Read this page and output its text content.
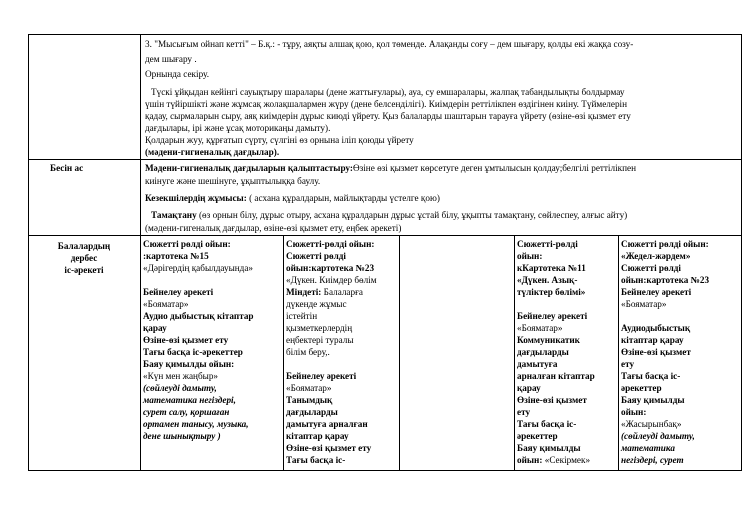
3. "Мысығым ойнап кетті" – Б.қ.: - тұру, аяқты алшақ қою, қол төменде. Алақанды соғу – дем шығару, қолды екі жаққа созу-
дем шығару .
Орнында секіру.
Түскі ұйқыдан кейінгі сауықтыру шаралары (дене жаттығулары), ауа, су емшаралары, жалпақ табандылықты болдырмау
үшін түйіршікті және жұмсақ жолақшалармен жүру (дене белсенділігі). Киімдерін реттілікпен өздігінен киіну. Түймелерін
қадау, сырмаларын сыру, аяқ киімдерін дұрыс киюді үйрету. Қыз балаларды шаштарын тарауға үйрету (өзіне-өзі қызмет ету
дағдылары, ірі және ұсақ моторикаңы дамыту).
Қолдарын жуу, құрғатып сүрту, сүлгіні өз орнына іліп қоюды үйрету
(мәдени-гигиеналық дағдылар).
Бесін ас	Мәдени-гигиеналық дағдыларын қалыптастыру:Өзіне өзі қызмет көрсетуге деген ұмтылысын қолдау;белгілі реттілікпен
киінуге және шешінуге, ұқыптылыққа баулу.
Кезекшілердің жұмысы: ( асхана құралдарын, майлықтарды үстелге қою)
Тамақтану (өз орнын білу, дұрыс отыру, асхана құралдарын дұрыс ұстай білу, ұқыпты тамақтану, сөйлеспеу, алғыс айту)
(мәдени-гигеналық дағдылар, өзіне-өзі қызмет ету, еңбек әрекеті)
Балалардың
дербес
іс-әрекеті
Сюжетті рөлді ойын:
:картотека №15
«Дәрігердің қабылдауында»
Бейнелеу әрекеті
«Бояматар»
Аудио дыбыстық кітаптар
қарау
Өзіне-өзі қызмет ету
Тағы басқа іс-әрекеттер
Баяу қимылды ойын:
«Күн мен жаңбыр»
(сөйлеуді дамыту,
математика негіздері,
сурет салу, қоршаған
ортамен танысу, музыка,
дене шынықтыру )
Сюжетті-рөлді ойын:
Сюжетті рөлді
ойын:картотека №23
«Дүкен. Киімдер бөлім
Міндеті: Балаларға
дүкенде жұмыс
істейтін
қызметкерлердің
еңбектері туралы
білім беру,.
Бейнелеу әрекеті
«Бояматар»
Танымдық
дағдыларды
дамытуға арналған
кітаптар қарау
Өзіне-өзі қызмет ету
Тағы басқа іс-
Сюжетті-рөлді
ойын:
кКартотека №11
«Дүкен. Азық-
түліктер бөлімі»
Бейнелеу әрекеті
«Бояматар»
Коммуникатик
дағдыларды
дамытуға
арналған кітаптар
қарау
Өзіне-өзі қызмет
ету
Тағы басқа іс-
әрекеттер
Баяу қимылды
ойын: «Секірмек»
Сюжетті рөлді ойын:
«Жедел-жәрдем»
Сюжетті рөлді
ойын:картотека №23
Бейнелеу әрекеті
«Бояматар»
Аудиодыбыстық
кітаптар қарау
Өзіне-өзі қызмет
ету
Тағы басқа іс-
әрекеттер
Баяу қимылды
ойын:
«Жасырынбақ»
(сөйлеуді дамыту,
математика
негіздері, сурет
